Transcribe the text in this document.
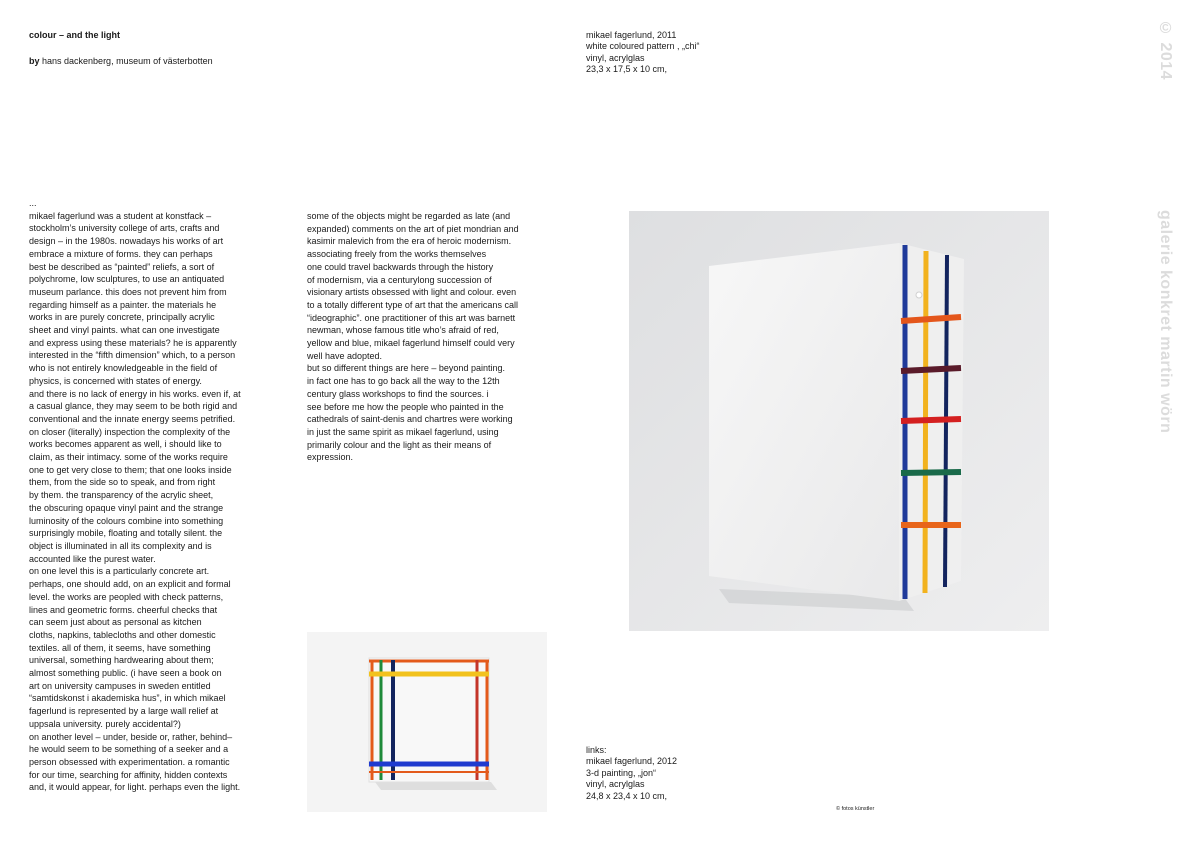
colour – and the light
by hans dackenberg, museum of västerbotten
mikael fagerlund, 2011
white coloured pattern , „chi“
vinyl, acrylglas
23,3 x 17,5 x 10 cm,	© 2014
galerie konkret martin wörn
...
mikael fagerlund was a student at konstfack –
stockholm’s university college of arts, crafts and
design – in the 1980s. nowadays his works of art
embrace a mixture of forms. they can perhaps
best be described as “painted” reliefs, a sort of
polychrome, low sculptures, to use an antiquated
museum parlance. this does not prevent him from
regarding himself as a painter. the materials he
works in are purely concrete, principally acrylic
sheet and vinyl paints. what can one investigate
and express using these materials? he is apparently
interested in the “fifth dimension” which, to a person
who is not entirely knowledgeable in the field of
physics, is concerned with states of energy.
and there is no lack of energy in his works. even if, at
a casual glance, they may seem to be both rigid and
conventional and the innate energy seems petrified.
on closer (literally) inspection the complexity of the
works becomes apparent as well, i should like to
claim, as their intimacy. some of the works require
one to get very close to them; that one looks inside
them, from the side so to speak, and from right
by them. the transparency of the acrylic sheet,
the obscuring opaque vinyl paint and the strange
luminosity of the colours combine into something
surprisingly mobile, floating and totally silent. the
object is illuminated in all its complexity and is
accounted like the purest water.
on one level this is a particularly concrete art.
perhaps, one should add, on an explicit and formal
level. the works are peopled with check patterns,
lines and geometric forms. cheerful checks that
can seem just about as personal as kitchen
cloths, napkins, tablecloths and other domestic
textiles. all of them, it seems, have something
universal, something hardwearing about them;
almost something public. (i have seen a book on
art on university campuses in sweden entitled
“samtidskonst i akademiska hus”, in which mikael
fagerlund is represented by a large wall relief at
uppsala university. purely accidental?)
on another level – under, beside or, rather, behind–
he would seem to be something of a seeker and a
person obsessed with experimentation. a romantic
for our time, searching for affinity, hidden contexts
and, it would appear, for light. perhaps even the light.
some of the objects might be regarded as late (and
expanded) comments on the art of piet mondrian and
kasimir malevich from the era of heroic modernism.
associating freely from the works themselves
one could travel backwards through the history
of modernism, via a centurylong succession of
visionary artists obsessed with light and colour. even
to a totally different type of art that the americans call
“ideographic”. one practitioner of this art was barnett
newman, whose famous title who’s afraid of red,
yellow and blue, mikael fagerlund himself could very
well have adopted.
but so different things are here – beyond painting.
in fact one has to go back all the way to the 12th
century glass workshops to find the sources. i
see before me how the people who painted in the
cathedrals of saint-denis and chartres were working
in just the same spirit as mikael fagerlund, using
primarily colour and the light as their means of
expression.
links:
mikael fagerlund, 2012
3-d painting, „jon“
vinyl, acrylglas
24,8 x 23,4 x 10 cm,
© fotos künstler
